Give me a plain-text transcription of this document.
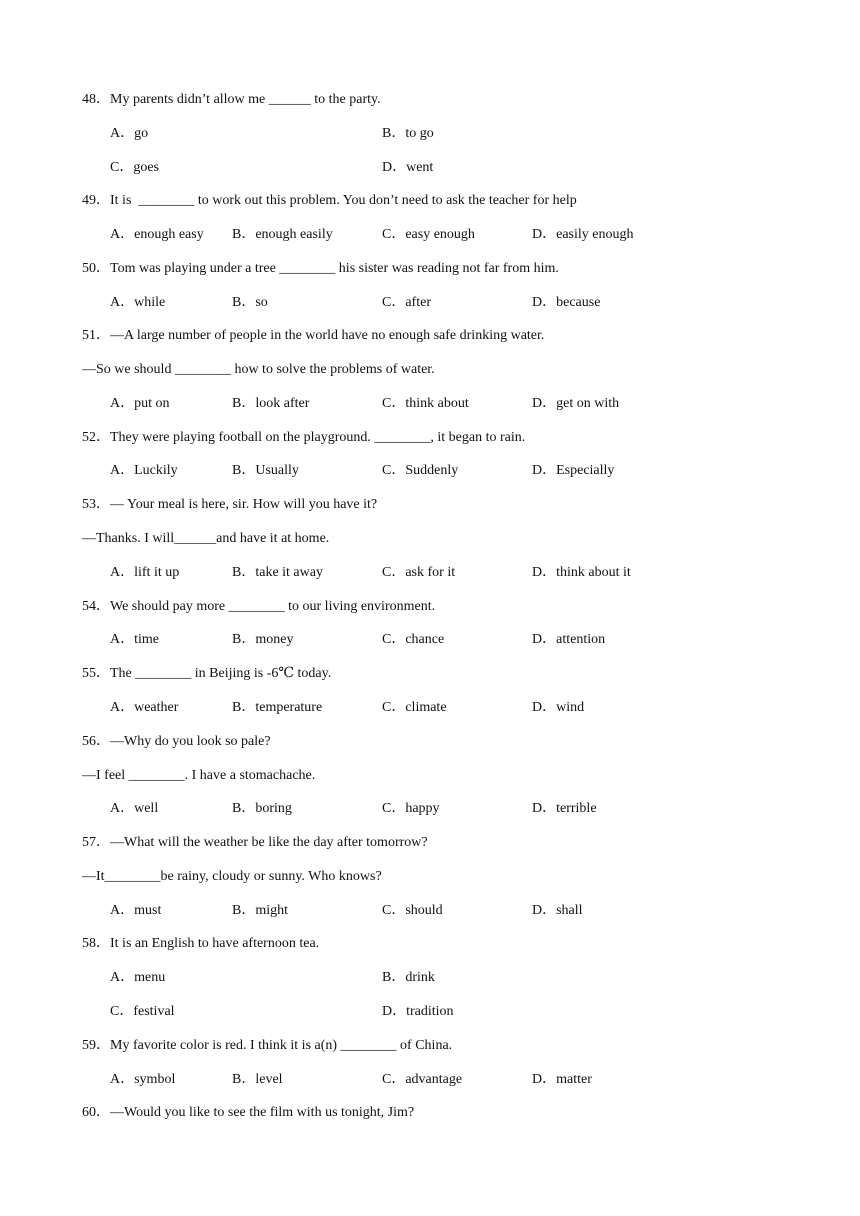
48．My parents didn’t allow me ______ to the party.
A．go	B．to go
C．goes	D．went
49．It is  ________ to work out this problem. You don’t need to ask the teacher for help
A．enough easy B．enough easily	C．easy enough	D．easily enough
50．Tom was playing under a tree ________ his sister was reading not far from him.
A．while	B．so	C．after	D．because
51．—A large number of people in the world have no enough safe drinking water.
—So we should ________ how to solve the problems of water.
A．put on	B．look after	C．think about	D．get on with
52．They were playing football on the playground. ________, it began to rain.
A．Luckily	B．Usually	C．Suddenly	D．Especially
53．— Your meal is here, sir. How will you have it?
—Thanks. I will______and have it at home.
A．lift it up	B．take it away	C．ask for it	D．think about it
54．We should pay more ________ to our living environment.
A．time	B．money	C．chance	D．attention
55．The ________ in Beijing is -6℃ today.
A．weather	B．temperature	C．climate	D．wind
56．—Why do you look so pale?
—I feel ________. I have a stomachache.
A．well	B．boring	C．happy	D．terrible
57．—What will the weather be like the day after tomorrow?
—It________be rainy, cloudy or sunny. Who knows?
A．must	B．might	C．should	D．shall
58．It is an English to have afternoon tea.
A．menu	B．drink
C．festival	D．tradition
59．My favorite color is red. I think it is a(n) ________ of China.
A．symbol	B．level	C．advantage	D．matter
60．—Would you like to see the film with us tonight, Jim?
